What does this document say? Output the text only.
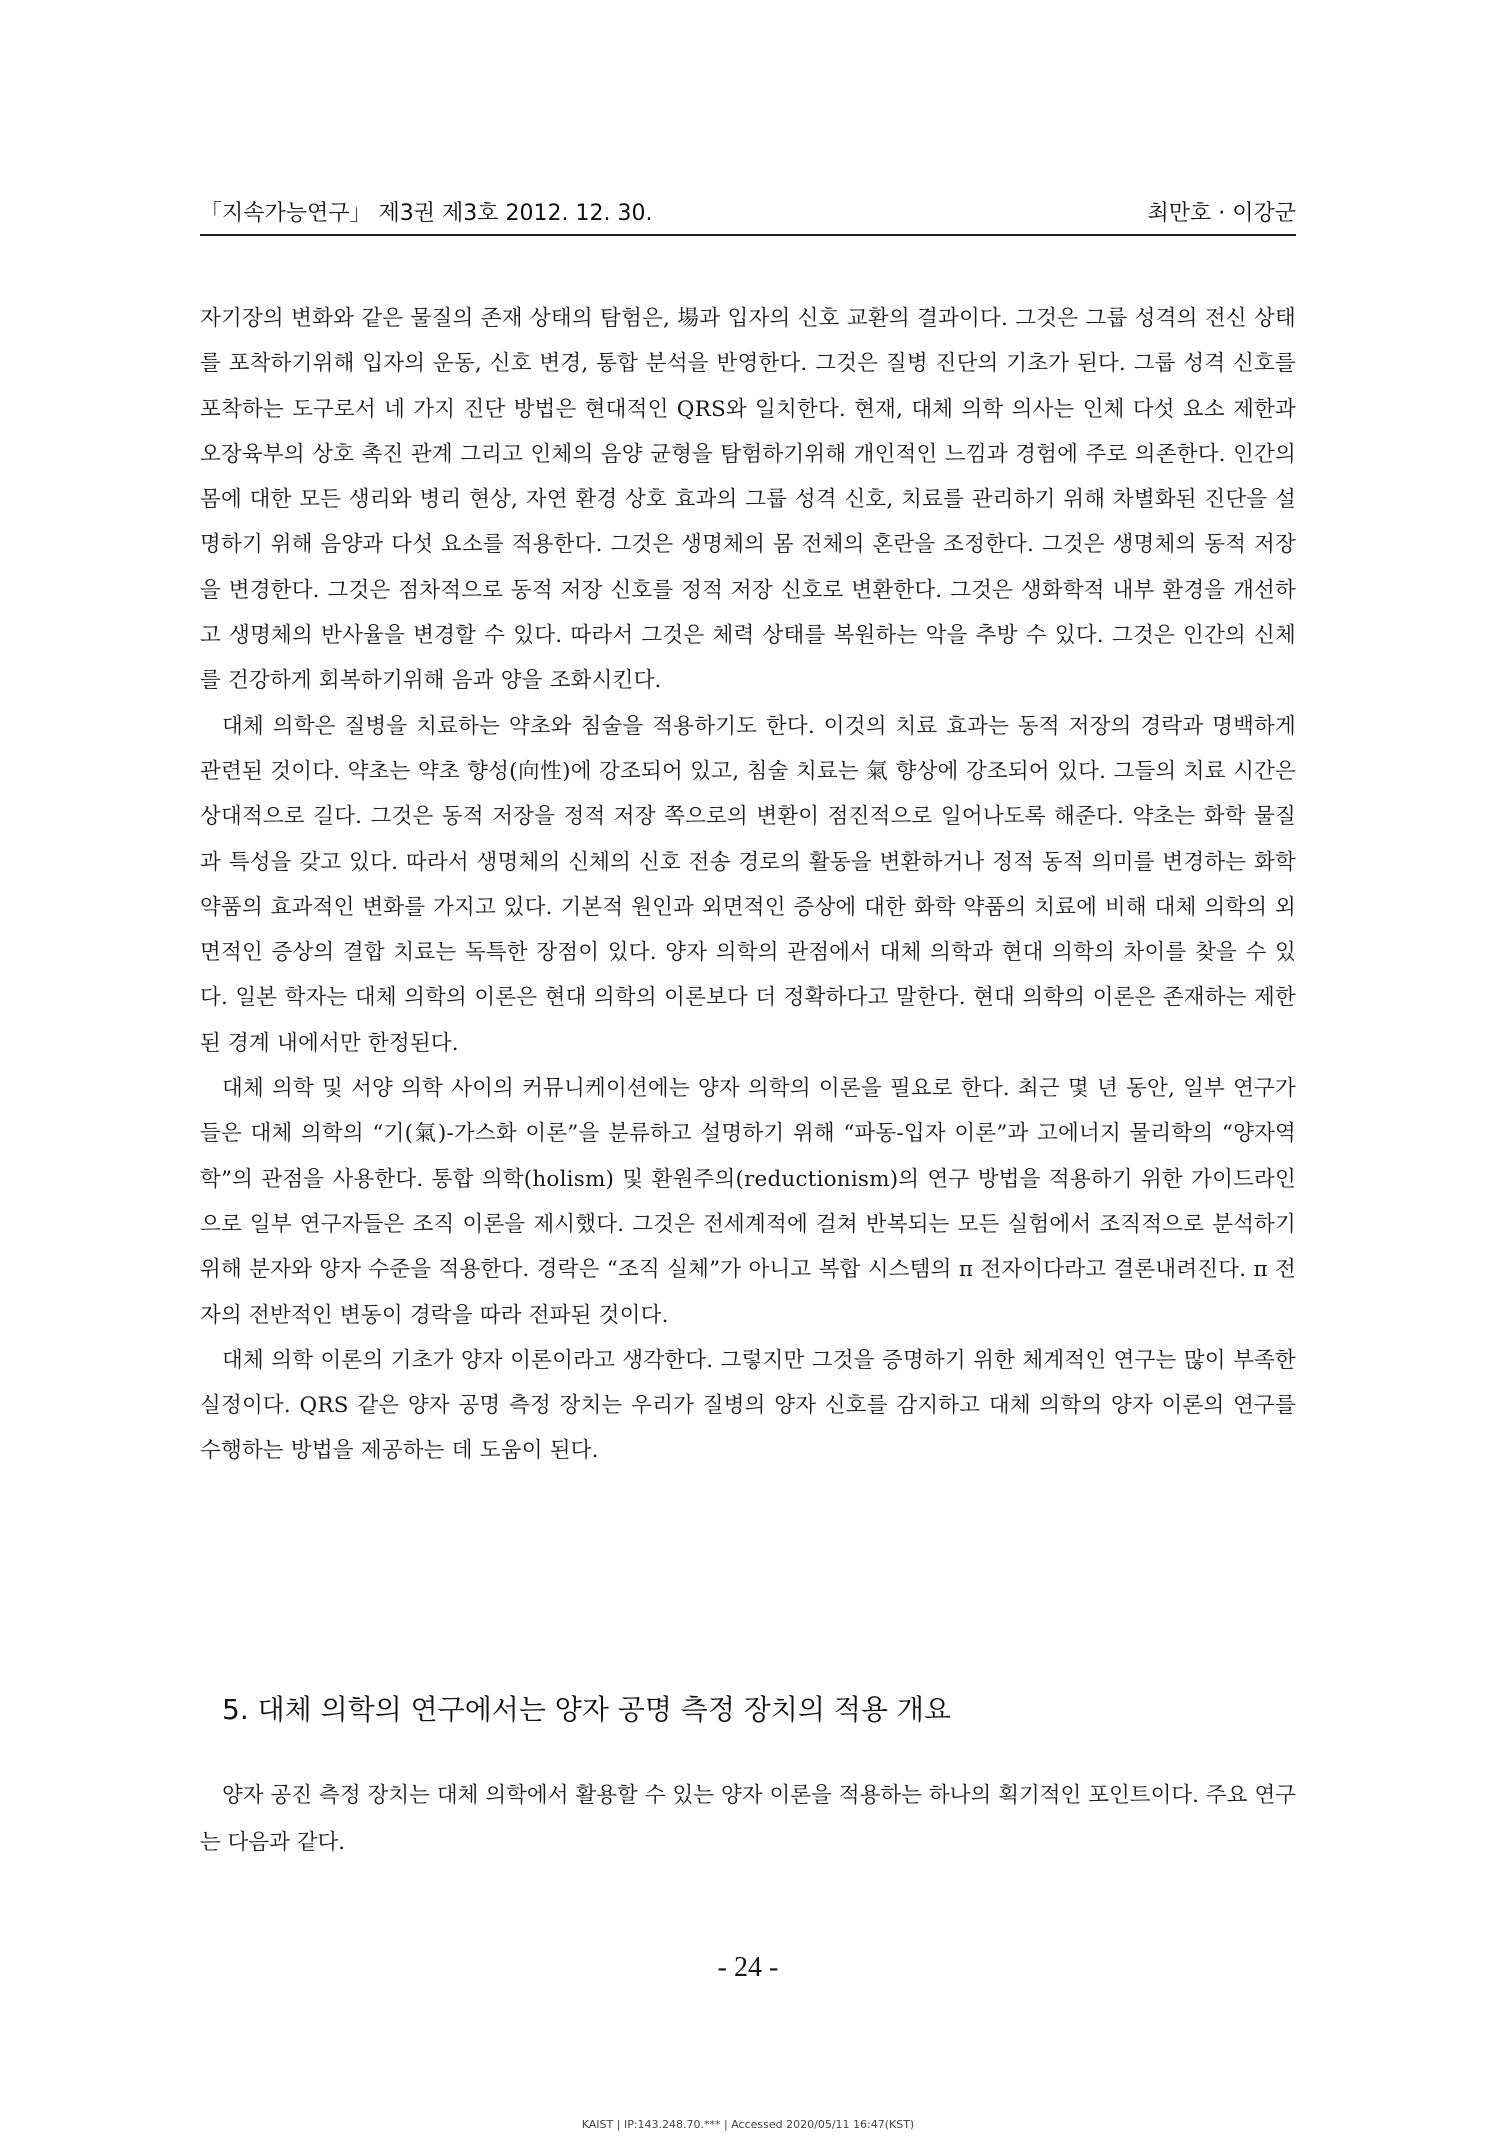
「지속가능연구」 제3권 제3호 2012. 12. 30.	최만호 · 이강군

자기장의 변화와 같은 물질의 존재 상태의 탐험은, 場과 입자의 신호 교환의 결과이다. 그것은 그룹 성격의 전신 상태를 포착하기위해 입자의 운동, 신호 변경, 통합 분석을 반영한다. 그것은 질병 진단의 기초가 된다. 그룹 성격 신호를 포착하는 도구로서 네 가지 진단 방법은 현대적인 QRS와 일치한다. 현재, 대체 의학 의사는 인체 다섯 요소 제한과 오장육부의 상호 촉진 관계 그리고 인체의 음양 균형을 탐험하기위해 개인적인 느낌과 경험에 주로 의존한다. 인간의 몸에 대한 모든 생리와 병리 현상, 자연 환경 상호 효과의 그룹 성격 신호, 치료를 관리하기 위해 차별화된 진단을 설명하기 위해 음양과 다섯 요소를 적용한다. 그것은 생명체의 몸 전체의 혼란을 조정한다. 그것은 생명체의 동적 저장을 변경한다. 그것은 점차적으로 동적 저장 신호를 정적 저장 신호로 변환한다. 그것은 생화학적 내부 환경을 개선하고 생명체의 반사율을 변경할 수 있다. 따라서 그것은 체력 상태를 복원하는 악을 추방 수 있다. 그것은 인간의 신체를 건강하게 회복하기위해 음과 양을 조화시킨다.

대체 의학은 질병을 치료하는 약초와 침술을 적용하기도 한다. 이것의 치료 효과는 동적 저장의 경락과 명백하게 관련된 것이다. 약초는 약초 향성(向性)에 강조되어 있고, 침술 치료는 氣 향상에 강조되어 있다. 그들의 치료 시간은 상대적으로 길다. 그것은 동적 저장을 정적 저장 쪽으로의 변환이 점진적으로 일어나도록 해준다. 약초는 화학 물질과 특성을 갖고 있다. 따라서 생명체의 신체의 신호 전송 경로의 활동을 변환하거나 정적 동적 의미를 변경하는 화학 약품의 효과적인 변화를 가지고 있다. 기본적 원인과 외면적인 증상에 대한 화학 약품의 치료에 비해 대체 의학의 외면적인 증상의 결합 치료는 독특한 장점이 있다. 양자 의학의 관점에서 대체 의학과 현대 의학의 차이를 찾을 수 있다. 일본 학자는 대체 의학의 이론은 현대 의학의 이론보다 더 정확하다고 말한다. 현대 의학의 이론은 존재하는 제한된 경계 내에서만 한정된다.

대체 의학 및 서양 의학 사이의 커뮤니케이션에는 양자 의학의 이론을 필요로 한다. 최근 몇 년 동안, 일부 연구가들은 대체 의학의 “기(氣)-가스화 이론”을 분류하고 설명하기 위해 “파동-입자 이론”과 고에너지 물리학의 “양자역학”의 관점을 사용한다. 통합 의학(holism) 및 환원주의(reductionism)의 연구 방법을 적용하기 위한 가이드라인으로 일부 연구자들은 조직 이론을 제시했다. 그것은 전세계적에 걸쳐 반복되는 모든 실험에서 조직적으로 분석하기위해 분자와 양자 수준을 적용한다. 경락은 “조직 실체”가 아니고 복합 시스템의 π 전자이다라고 결론내려진다. π 전자의 전반적인 변동이 경락을 따라 전파된 것이다.

대체 의학 이론의 기초가 양자 이론이라고 생각한다. 그렇지만 그것을 증명하기 위한 체계적인 연구는 많이 부족한 실정이다. QRS 같은 양자 공명 측정 장치는 우리가 질병의 양자 신호를 감지하고 대체 의학의 양자 이론의 연구를 수행하는 방법을 제공하는 데 도움이 된다.

5. 대체 의학의 연구에서는 양자 공명 측정 장치의 적용 개요

양자 공진 측정 장치는 대체 의학에서 활용할 수 있는 양자 이론을 적용하는 하나의 획기적인 포인트이다. 주요 연구는 다음과 같다.

- 24 -
KAIST | IP:143.248.70.*** | Accessed 2020/05/11 16:47(KST)
